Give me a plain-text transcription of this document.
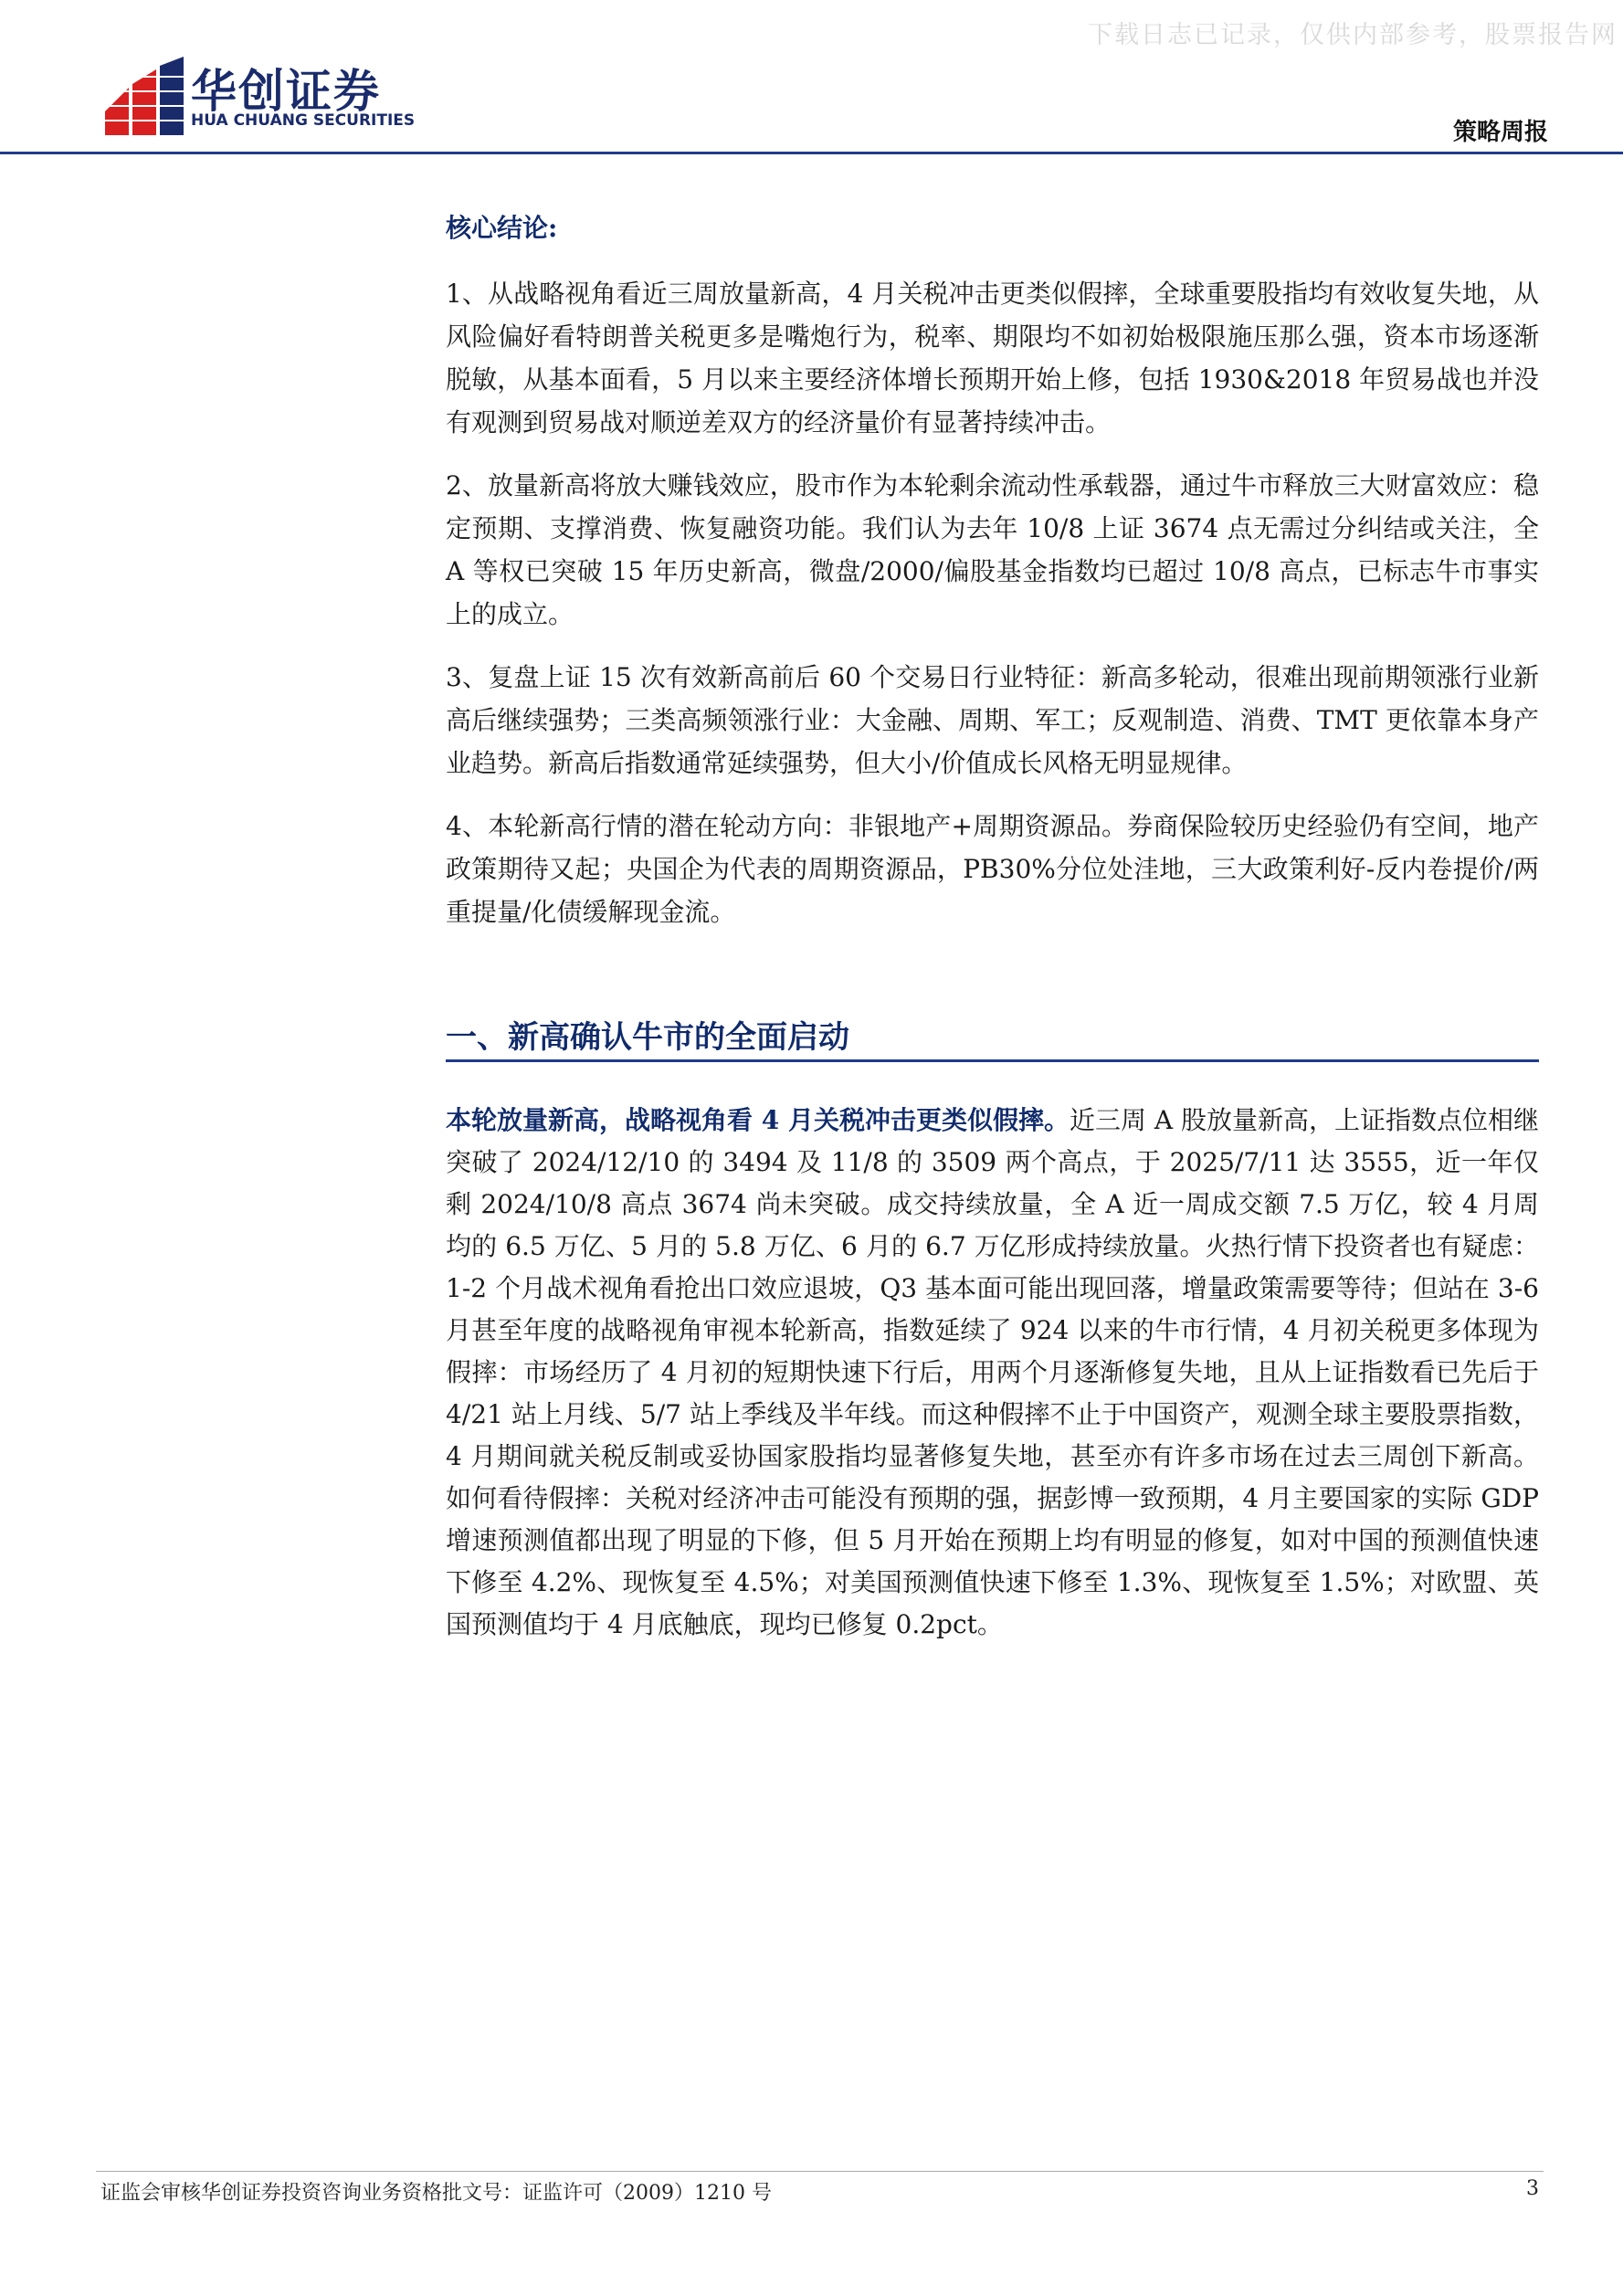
下载日志已记录，仅供内部参考，股票报告网
华创证券
HUA CHUANG SECURITIES	策略周报
核心结论:

1、从战略视角看近三周放量新高，4 月关税冲击更类似假摔，全球重要股指均有效收复失地，从风险偏好看特朗普关税更多是嘴炮行为，税率、期限均不如初始极限施压那么强，资本市场逐渐脱敏，从基本面看，5 月以来主要经济体增长预期开始上修，包括 1930&2018 年贸易战也并没有观测到贸易战对顺逆差双方的经济量价有显著持续冲击。

2、放量新高将放大赚钱效应，股市作为本轮剩余流动性承载器，通过牛市释放三大财富效应：稳定预期、支撑消费、恢复融资功能。我们认为去年 10/8 上证 3674 点无需过分纠结或关注，全 A 等权已突破 15 年历史新高，微盘/2000/偏股基金指数均已超过 10/8 高点，已标志牛市事实上的成立。

3、复盘上证 15 次有效新高前后 60 个交易日行业特征：新高多轮动，很难出现前期领涨行业新高后继续强势；三类高频领涨行业：大金融、周期、军工；反观制造、消费、TMT 更依靠本身产业趋势。新高后指数通常延续强势，但大小/价值成长风格无明显规律。

4、本轮新高行情的潜在轮动方向：非银地产+周期资源品。券商保险较历史经验仍有空间，地产政策期待又起；央国企为代表的周期资源品，PB30%分位处洼地，三大政策利好-反内卷提价/两重提量/化债缓解现金流。

一、新高确认牛市的全面启动

本轮放量新高，战略视角看 4 月关税冲击更类似假摔。近三周 A 股放量新高，上证指数点位相继突破了 2024/12/10 的 3494 及 11/8 的 3509 两个高点，于 2025/7/11 达 3555，近一年仅剩 2024/10/8 高点 3674 尚未突破。成交持续放量，全 A 近一周成交额 7.5 万亿，较 4 月周均的 6.5 万亿、5 月的 5.8 万亿、6 月的 6.7 万亿形成持续放量。火热行情下投资者也有疑虑：1-2 个月战术视角看抢出口效应退坡，Q3 基本面可能出现回落，增量政策需要等待；但站在 3-6 月甚至年度的战略视角审视本轮新高，指数延续了 924 以来的牛市行情，4 月初关税更多体现为假摔：市场经历了 4 月初的短期快速下行后，用两个月逐渐修复失地，且从上证指数看已先后于 4/21 站上月线、5/7 站上季线及半年线。而这种假摔不止于中国资产，观测全球主要股票指数，4 月期间就关税反制或妥协国家股指均显著修复失地，甚至亦有许多市场在过去三周创下新高。如何看待假摔：关税对经济冲击可能没有预期的强，据彭博一致预期，4 月主要国家的实际 GDP 增速预测值都出现了明显的下修，但 5 月开始在预期上均有明显的修复，如对中国的预测值快速下修至 4.2%、现恢复至 4.5%；对美国预测值快速下修至 1.3%、现恢复至 1.5%；对欧盟、英国预测值均于 4 月底触底，现均已修复 0.2pct。

证监会审核华创证券投资咨询业务资格批文号：证监许可（2009）1210 号	3
